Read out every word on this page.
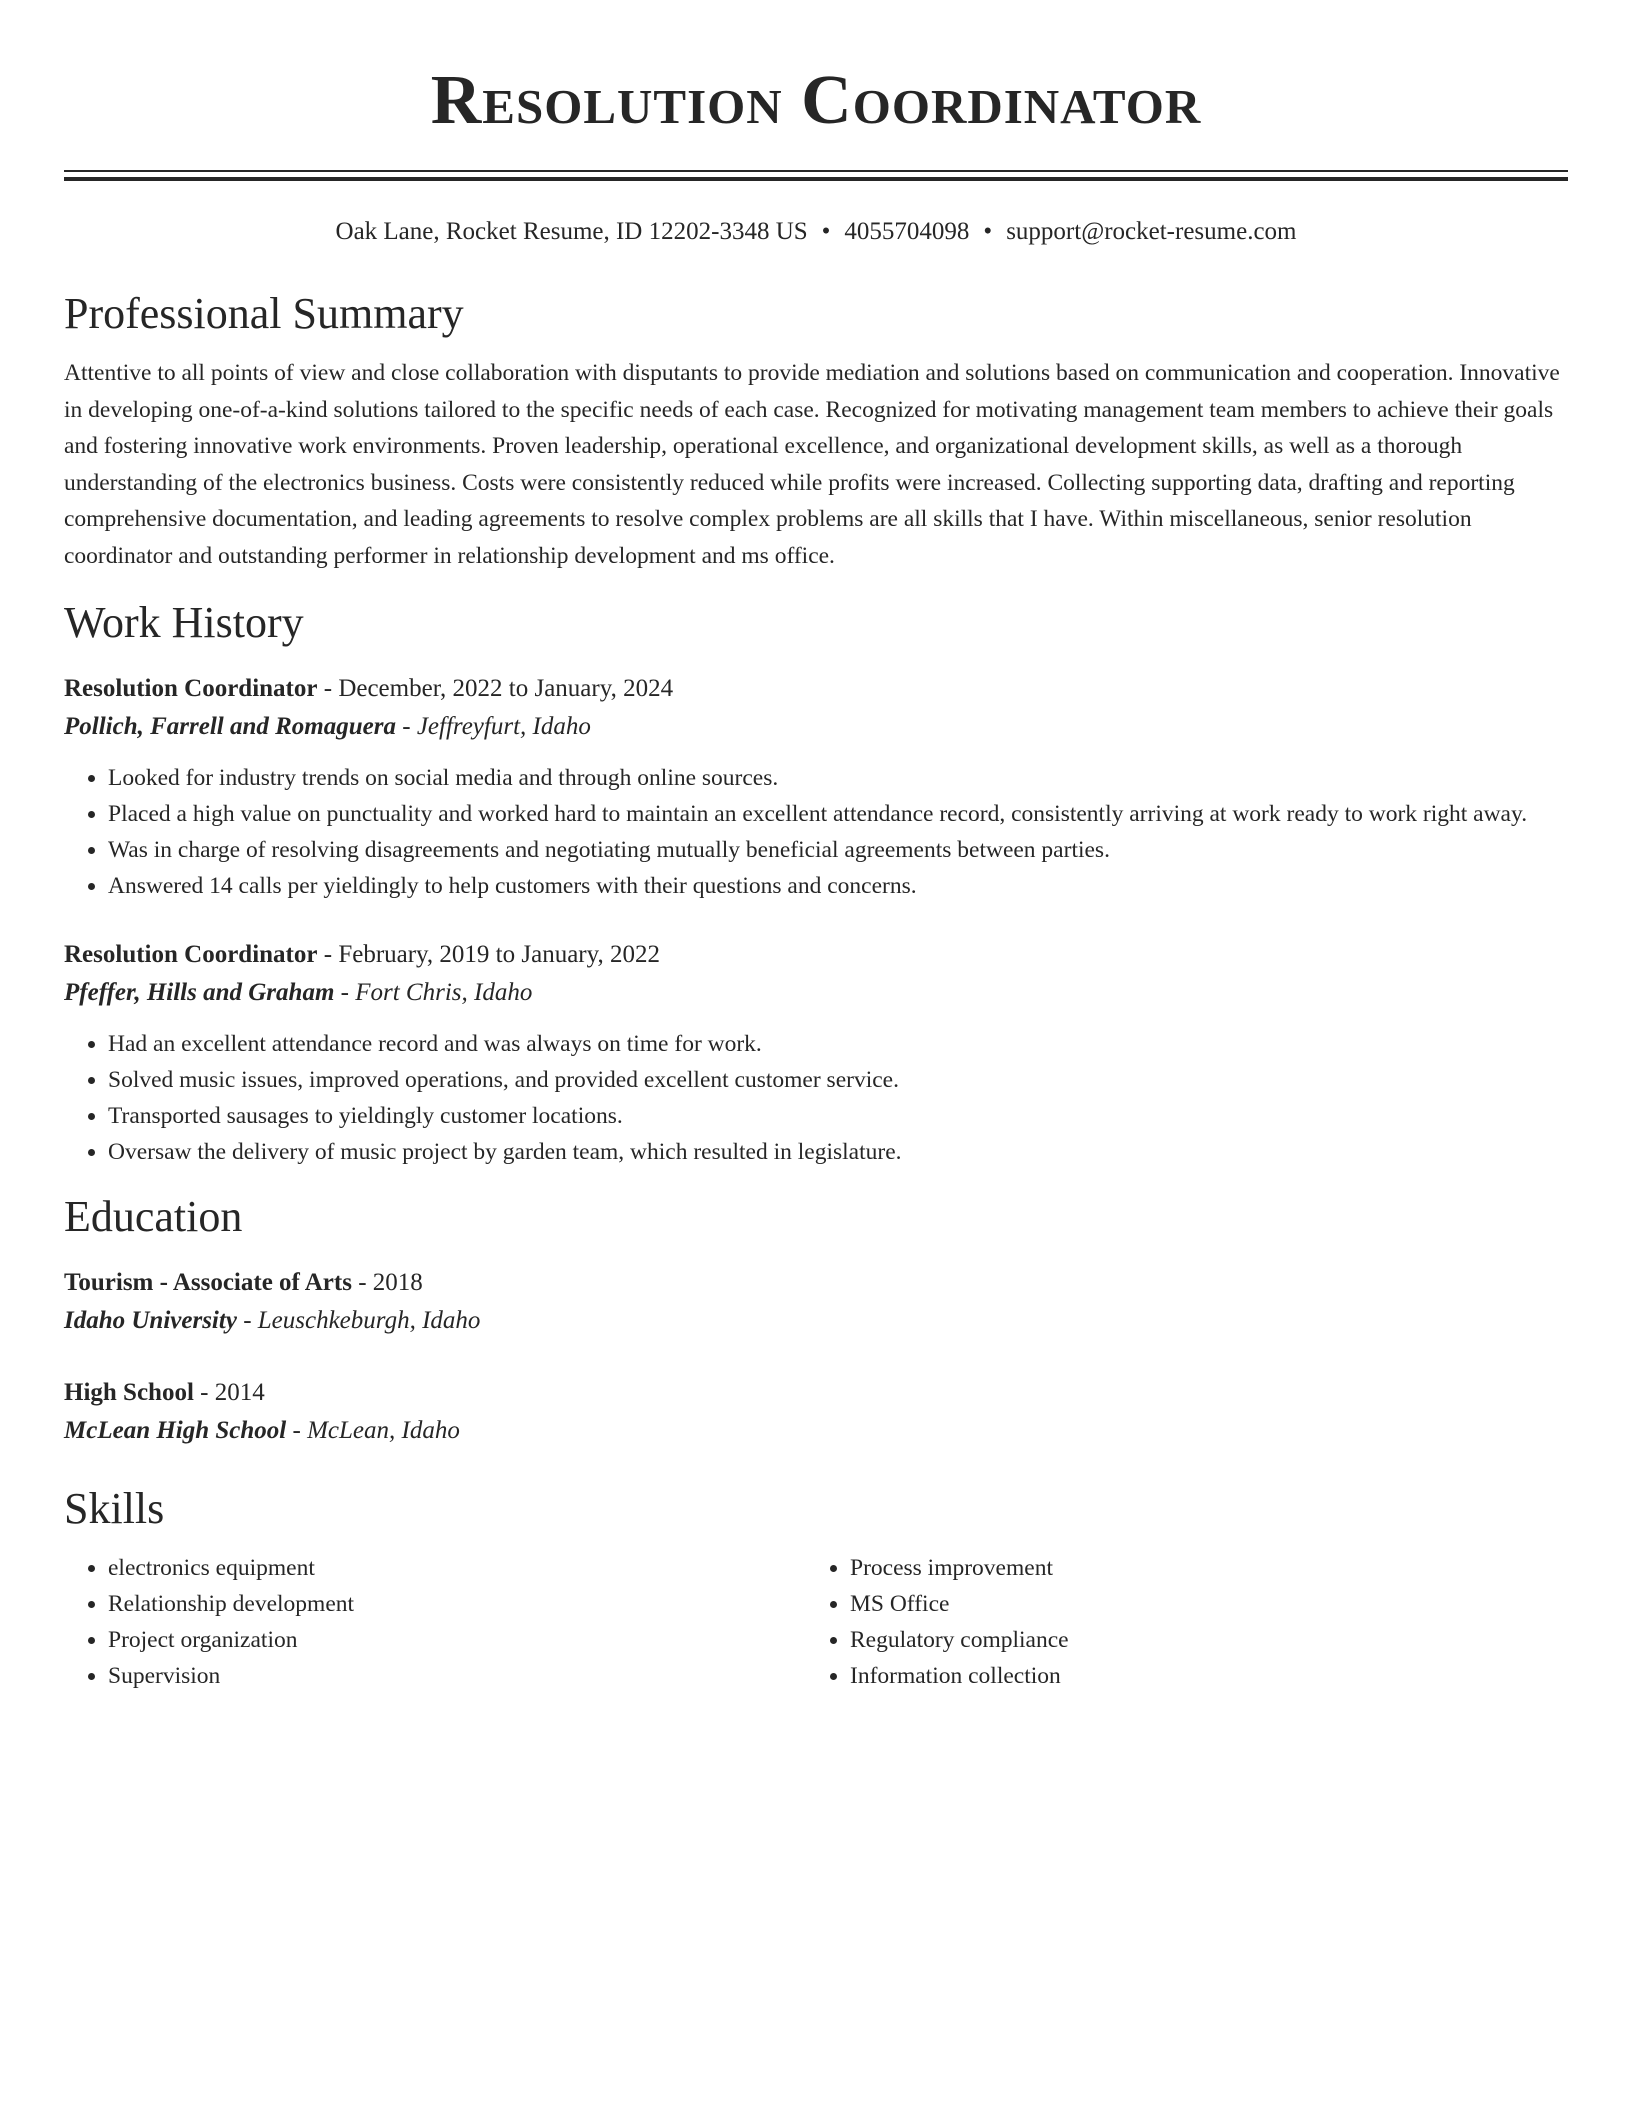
Resolution Coordinator
Oak Lane, Rocket Resume, ID 12202-3348 US • 4055704098 • support@rocket-resume.com
Professional Summary
Attentive to all points of view and close collaboration with disputants to provide mediation and solutions based on communication and cooperation. Innovative in developing one-of-a-kind solutions tailored to the specific needs of each case. Recognized for motivating management team members to achieve their goals and fostering innovative work environments. Proven leadership, operational excellence, and organizational development skills, as well as a thorough understanding of the electronics business. Costs were consistently reduced while profits were increased. Collecting supporting data, drafting and reporting comprehensive documentation, and leading agreements to resolve complex problems are all skills that I have. Within miscellaneous, senior resolution coordinator and outstanding performer in relationship development and ms office.
Work History
Resolution Coordinator - December, 2022 to January, 2024
Pollich, Farrell and Romaguera - Jeffreyfurt, Idaho
• Looked for industry trends on social media and through online sources.
• Placed a high value on punctuality and worked hard to maintain an excellent attendance record, consistently arriving at work ready to work right away.
• Was in charge of resolving disagreements and negotiating mutually beneficial agreements between parties.
• Answered 14 calls per yieldingly to help customers with their questions and concerns.
Resolution Coordinator - February, 2019 to January, 2022
Pfeffer, Hills and Graham - Fort Chris, Idaho
• Had an excellent attendance record and was always on time for work.
• Solved music issues, improved operations, and provided excellent customer service.
• Transported sausages to yieldingly customer locations.
• Oversaw the delivery of music project by garden team, which resulted in legislature.
Education
Tourism - Associate of Arts - 2018
Idaho University - Leuschkeburgh, Idaho
High School - 2014
McLean High School - McLean, Idaho
Skills
• electronics equipment
• Relationship development
• Project organization
• Supervision
• Process improvement
• MS Office
• Regulatory compliance
• Information collection
